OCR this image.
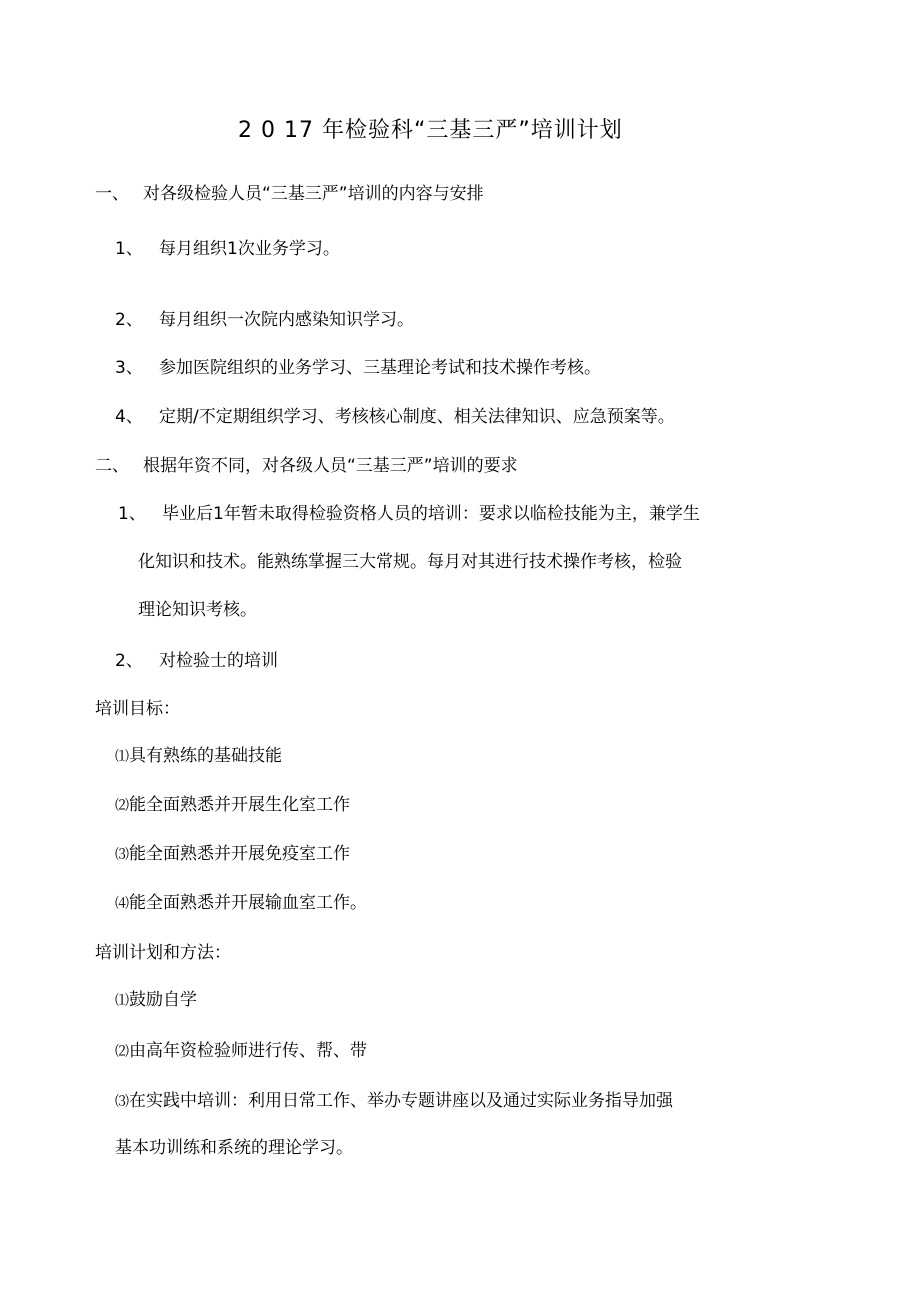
2 0 17 年检验科“三基三严”培训计划
一、 对各级检验人员“三基三严”培训的内容与安排
1、 每月组织1次业务学习。
2、 每月组织一次院内感染知识学习。
3、 参加医院组织的业务学习、三基理论考试和技术操作考核。
4、 定期/不定期组织学习、考核核心制度、相关法律知识、应急预案等。
二、 根据年资不同，对各级人员“三基三严”培训的要求
1、 毕业后1年暂未取得检验资格人员的培训：要求以临检技能为主，兼学生
化知识和技术。能熟练掌握三大常规。每月对其进行技术操作考核，检验
理论知识考核。
2、 对检验士的培训
培训目标：
⑴具有熟练的基础技能
⑵能全面熟悉并开展生化室工作
⑶能全面熟悉并开展免疫室工作
⑷能全面熟悉并开展输血室工作。
培训计划和方法：
⑴鼓励自学
⑵由高年资检验师进行传、帮、带
⑶在实践中培训：利用日常工作、举办专题讲座以及通过实际业务指导加强
基本功训练和系统的理论学习。
